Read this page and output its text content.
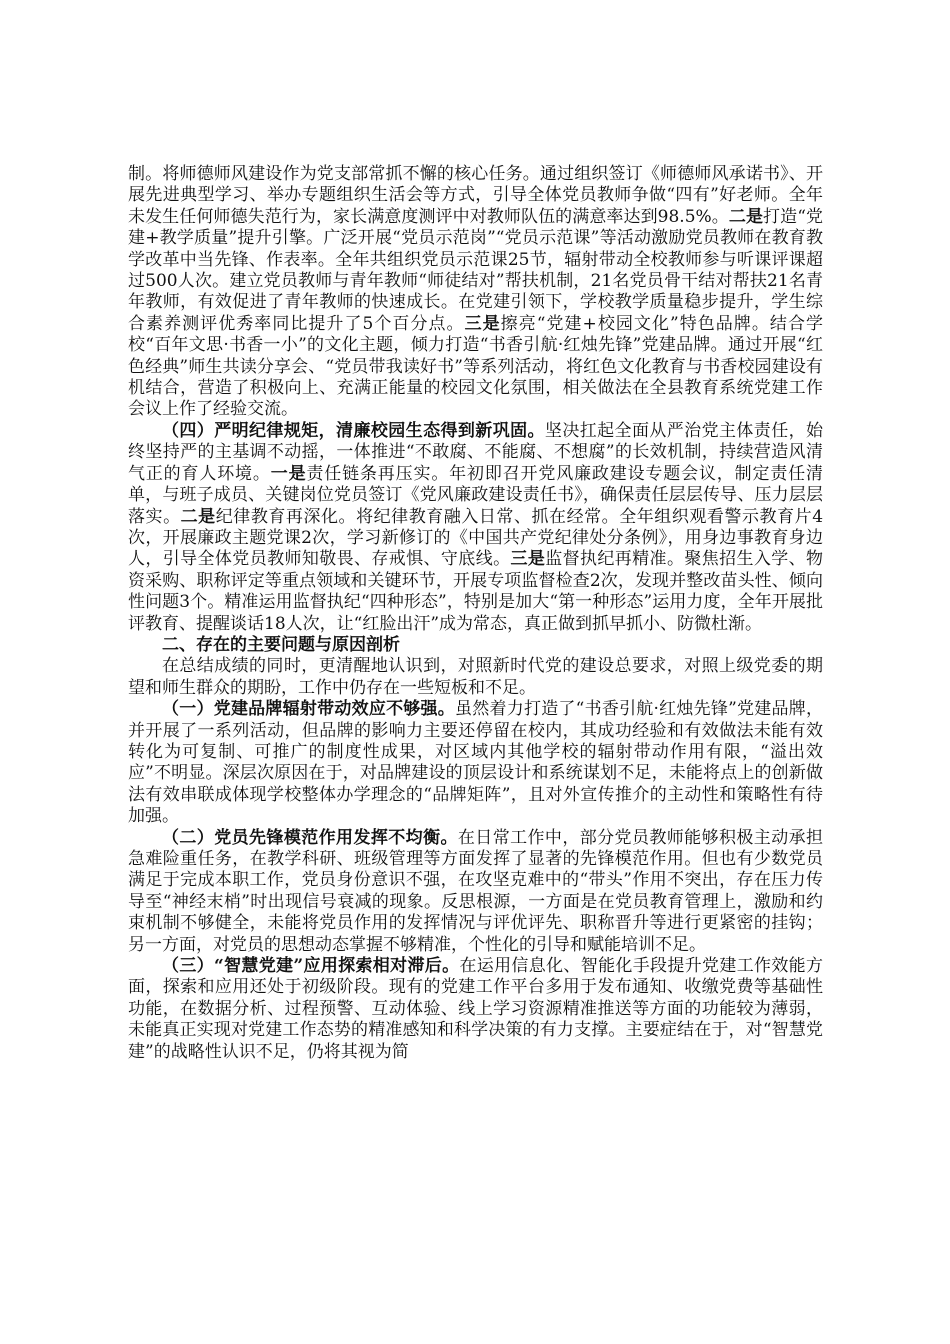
制。将师德师风建设作为党支部常抓不懈的核心任务。通过组织签订《师德师风承诺书》、开展先进典型学习、举办专题组织生活会等方式，引导全体党员教师争做“四有”好老师。全年未发生任何师德失范行为，家长满意度测评中对教师队伍的满意率达到98.5%。二是打造“党建+教学质量”提升引擎。广泛开展“党员示范岗”“党员示范课”等活动激励党员教师在教育教学改革中当先锋、作表率。全年共组织党员示范课25节，辐射带动全校教师参与听课评课超过500人次。建立党员教师与青年教师“师徒结对”帮扶机制，21名党员骨干结对帮扶21名青年教师，有效促进了青年教师的快速成长。在党建引领下，学校教学质量稳步提升，学生综合素养测评优秀率同比提升了5个百分点。三是擦亮“党建+校园文化”特色品牌。结合学校“百年文思·书香一小”的文化主题，倾力打造“书香引航·红烛先锋”党建品牌。通过开展“红色经典”师生共读分享会、“党员带我读好书”等系列活动，将红色文化教育与书香校园建设有机结合，营造了积极向上、充满正能量的校园文化氛围，相关做法在全县教育系统党建工作会议上作了经验交流。

（四）严明纪律规矩，清廉校园生态得到新巩固。坚决扛起全面从严治党主体责任，始终坚持严的主基调不动摇，一体推进“不敢腐、不能腐、不想腐”的长效机制，持续营造风清气正的育人环境。一是责任链条再压实。年初即召开党风廉政建设专题会议，制定责任清单，与班子成员、关键岗位党员签订《党风廉政建设责任书》，确保责任层层传导、压力层层落实。二是纪律教育再深化。将纪律教育融入日常、抓在经常。全年组织观看警示教育片4次，开展廉政主题党课2次，学习新修订的《中国共产党纪律处分条例》，用身边事教育身边人，引导全体党员教师知敬畏、存戒惧、守底线。三是监督执纪再精准。聚焦招生入学、物资采购、职称评定等重点领域和关键环节，开展专项监督检查2次，发现并整改苗头性、倾向性问题3个。精准运用监督执纪“四种形态”，特别是加大“第一种形态”运用力度，全年开展批评教育、提醒谈话18人次，让“红脸出汗”成为常态，真正做到抓早抓小、防微杜渐。

二、存在的主要问题与原因剖析

在总结成绩的同时，更清醒地认识到，对照新时代党的建设总要求，对照上级党委的期望和师生群众的期盼，工作中仍存在一些短板和不足。

（一）党建品牌辐射带动效应不够强。虽然着力打造了“书香引航·红烛先锋”党建品牌，并开展了一系列活动，但品牌的影响力主要还停留在校内，其成功经验和有效做法未能有效转化为可复制、可推广的制度性成果，对区域内其他学校的辐射带动作用有限，“溢出效应”不明显。深层次原因在于，对品牌建设的顶层设计和系统谋划不足，未能将点上的创新做法有效串联成体现学校整体办学理念的“品牌矩阵”，且对外宣传推介的主动性和策略性有待加强。

（二）党员先锋模范作用发挥不均衡。在日常工作中，部分党员教师能够积极主动承担急难险重任务，在教学科研、班级管理等方面发挥了显著的先锋模范作用。但也有少数党员满足于完成本职工作，党员身份意识不强，在攻坚克难中的“带头”作用不突出，存在压力传导至“神经末梢”时出现信号衰减的现象。反思根源，一方面是在党员教育管理上，激励和约束机制不够健全，未能将党员作用的发挥情况与评优评先、职称晋升等进行更紧密的挂钩；另一方面，对党员的思想动态掌握不够精准，个性化的引导和赋能培训不足。

（三）“智慧党建”应用探索相对滞后。在运用信息化、智能化手段提升党建工作效能方面，探索和应用还处于初级阶段。现有的党建工作平台多用于发布通知、收缴党费等基础性功能，在数据分析、过程预警、互动体验、线上学习资源精准推送等方面的功能较为薄弱，未能真正实现对党建工作态势的精准感知和科学决策的有力支撑。主要症结在于，对“智慧党建”的战略性认识不足，仍将其视为简
